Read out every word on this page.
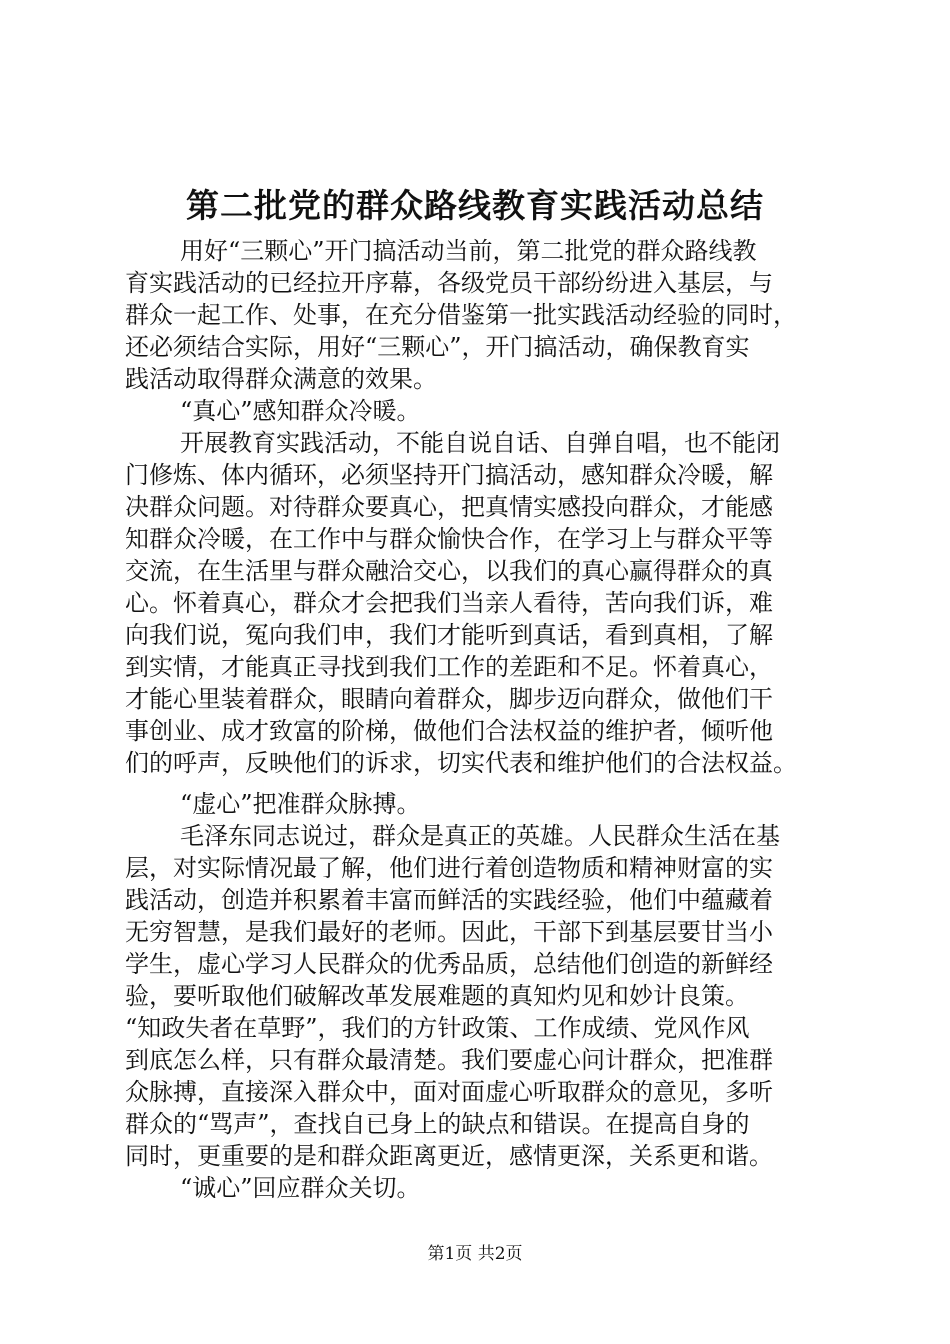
第二批党的群众路线教育实践活动总结
用好“三颗心”开门搞活动当前，第二批党的群众路线教
育实践活动的已经拉开序幕，各级党员干部纷纷进入基层，与
群众一起工作、处事，在充分借鉴第一批实践活动经验的同时，
还必须结合实际，用好“三颗心”，开门搞活动，确保教育实
践活动取得群众满意的效果。
“真心”感知群众冷暖。
开展教育实践活动，不能自说自话、自弹自唱，也不能闭
门修炼、体内循环，必须坚持开门搞活动，感知群众冷暖，解
决群众问题。对待群众要真心，把真情实感投向群众，才能感
知群众冷暖，在工作中与群众愉快合作，在学习上与群众平等
交流，在生活里与群众融洽交心，以我们的真心赢得群众的真
心。怀着真心，群众才会把我们当亲人看待，苦向我们诉，难
向我们说，冤向我们申，我们才能听到真话，看到真相，了解
到实情，才能真正寻找到我们工作的差距和不足。怀着真心，
才能心里装着群众，眼睛向着群众，脚步迈向群众，做他们干
事创业、成才致富的阶梯，做他们合法权益的维护者，倾听他
们的呼声，反映他们的诉求，切实代表和维护他们的合法权益。
“虚心”把准群众脉搏。
毛泽东同志说过，群众是真正的英雄。人民群众生活在基
层，对实际情况最了解，他们进行着创造物质和精神财富的实
践活动，创造并积累着丰富而鲜活的实践经验，他们中蕴藏着
无穷智慧，是我们最好的老师。因此，干部下到基层要甘当小
学生，虚心学习人民群众的优秀品质，总结他们创造的新鲜经
验，要听取他们破解改革发展难题的真知灼见和妙计良策。
“知政失者在草野”，我们的方针政策、工作成绩、党风作风
到底怎么样，只有群众最清楚。我们要虚心问计群众，把准群
众脉搏，直接深入群众中，面对面虚心听取群众的意见，多听
群众的“骂声”，查找自已身上的缺点和错误。在提高自身的
同时，更重要的是和群众距离更近，感情更深，关系更和谐。
“诚心”回应群众关切。
第1页 共2页
